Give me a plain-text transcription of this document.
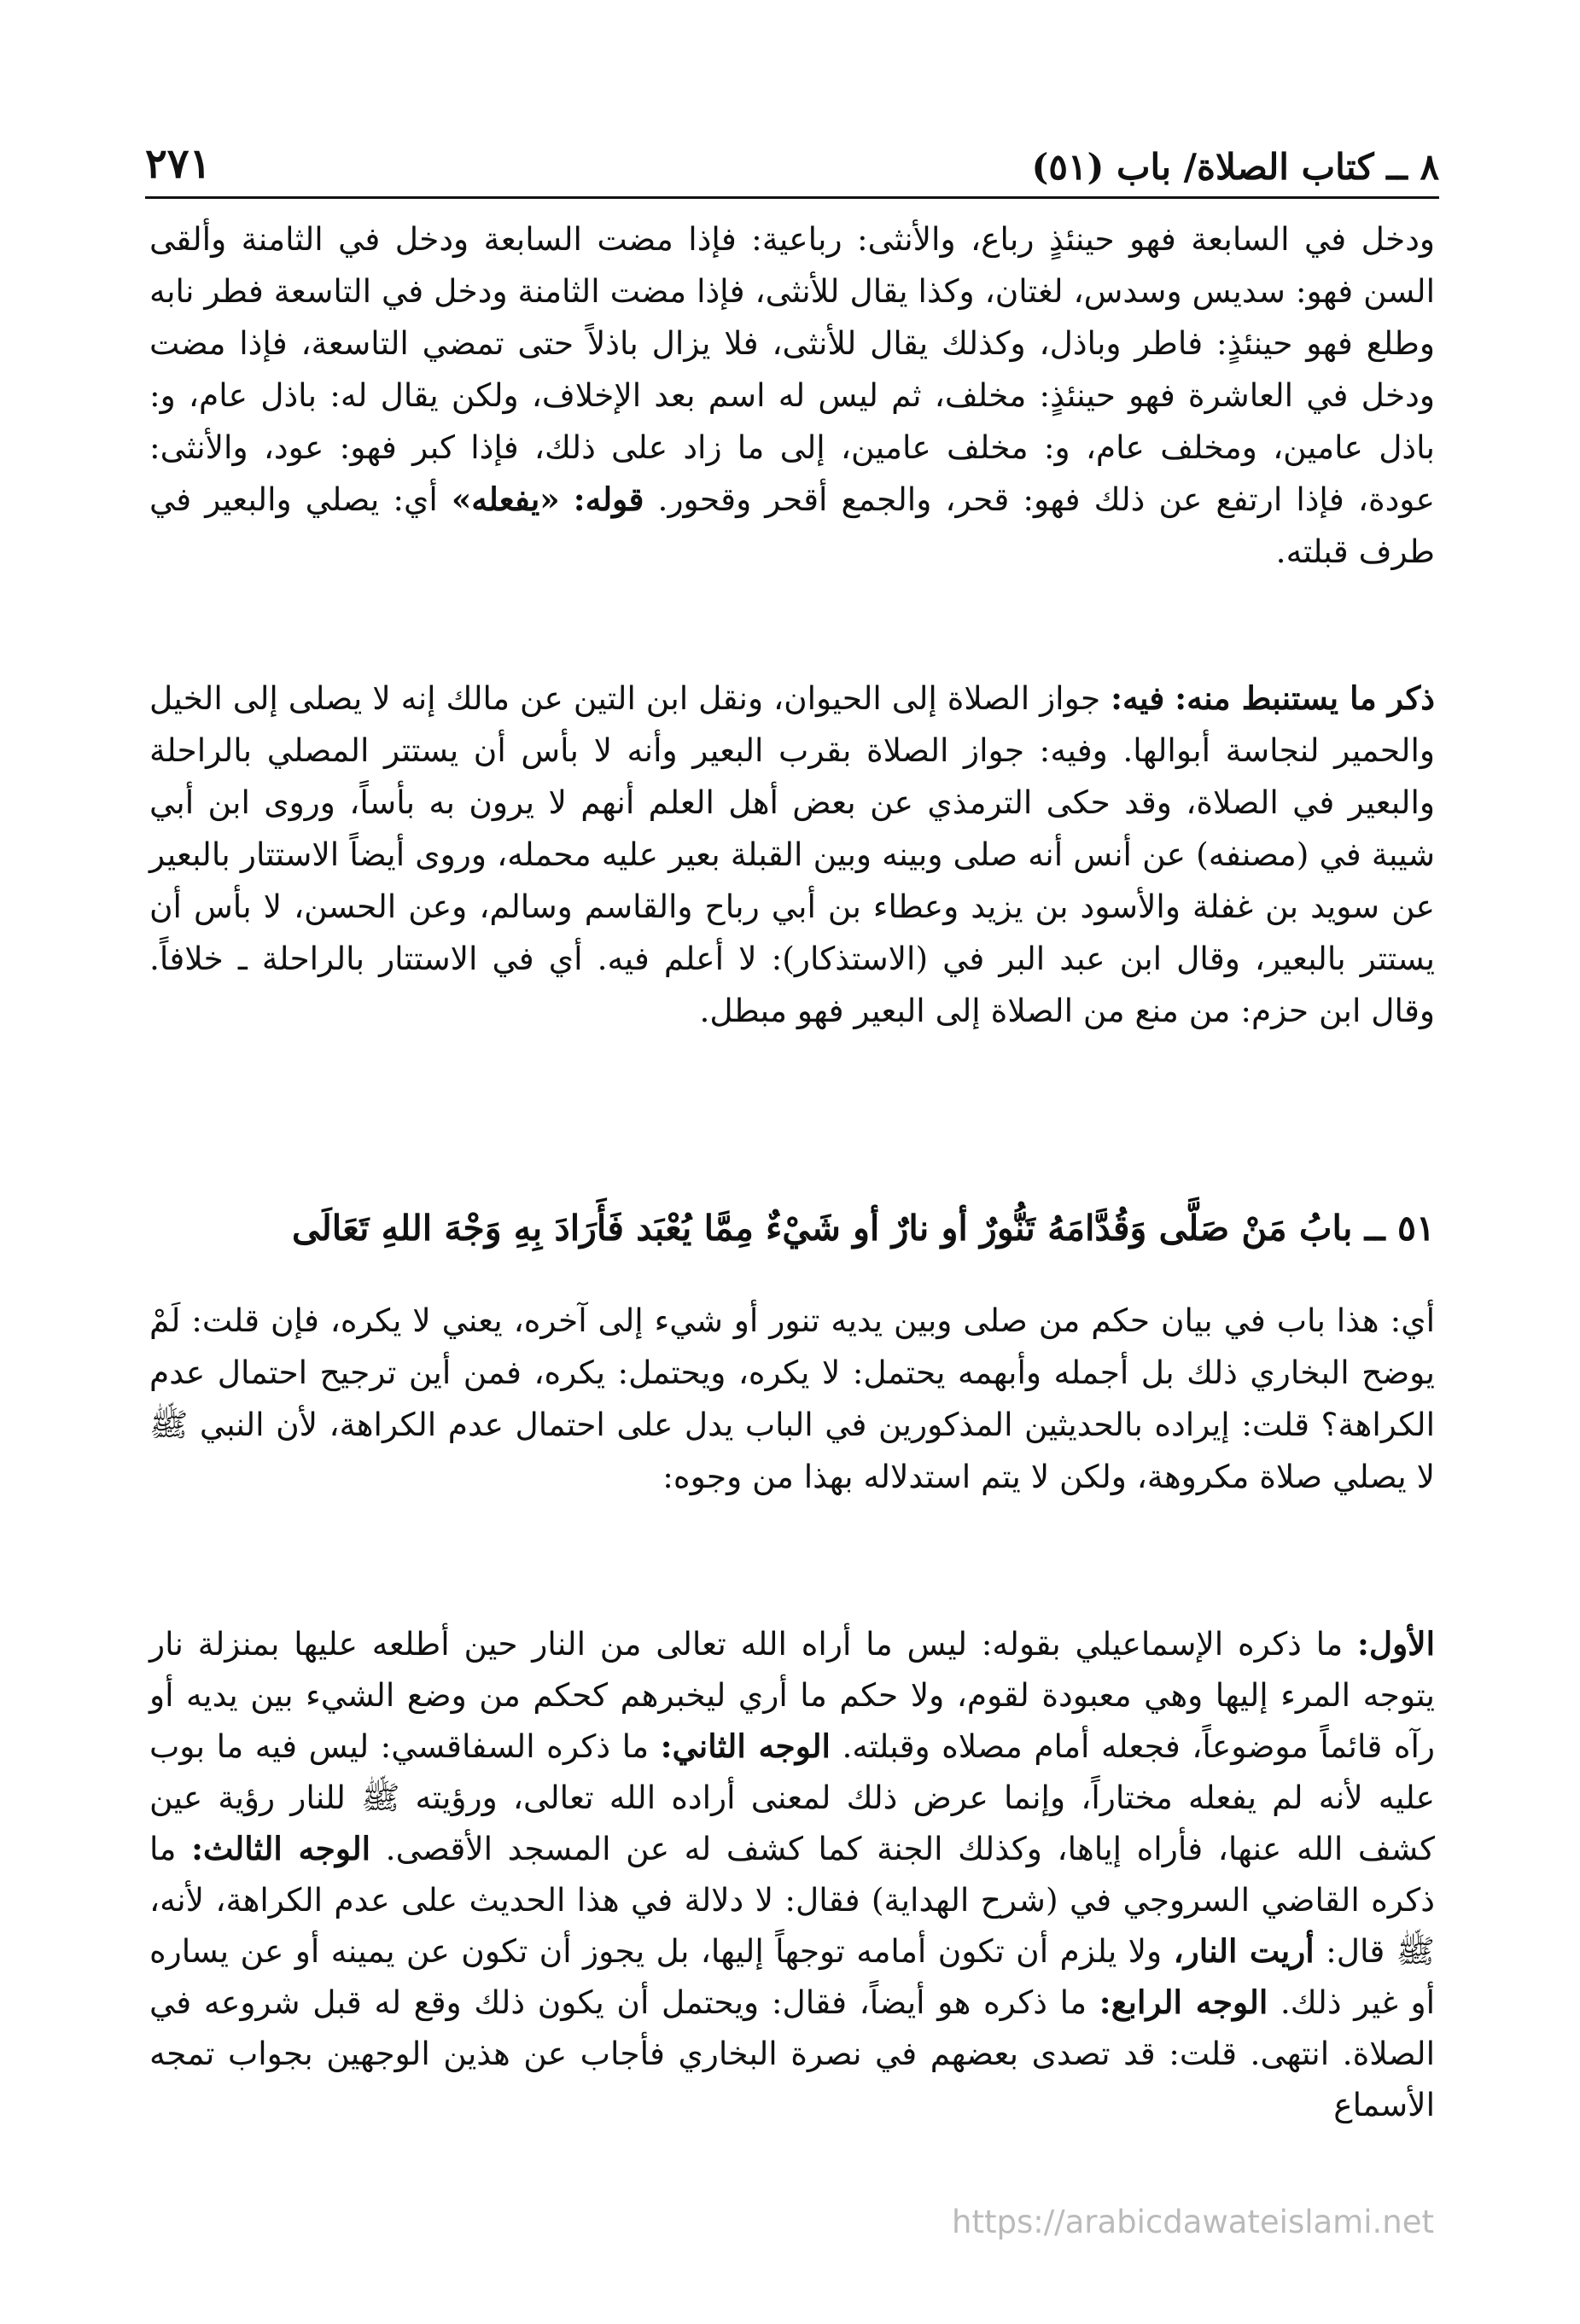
٨ ــ كتاب الصلاة/ باب (٥١)
٢٧١

ودخل في السابعة فهو حينئذٍ رباع، والأنثى: رباعية: فإذا مضت السابعة ودخل في الثامنة وألقى السن فهو: سديس وسدس، لغتان، وكذا يقال للأنثى، فإذا مضت الثامنة ودخل في التاسعة فطر نابه وطلع فهو حينئذٍ: فاطر وباذل، وكذلك يقال للأنثى، فلا يزال باذلاً حتى تمضي التاسعة، فإذا مضت ودخل في العاشرة فهو حينئذٍ: مخلف، ثم ليس له اسم بعد الإخلاف، ولكن يقال له: باذل عام، و: باذل عامين، ومخلف عام، و: مخلف عامين، إلى ما زاد على ذلك، فإذا كبر فهو: عود، والأنثى: عودة، فإذا ارتفع عن ذلك فهو: قحر، والجمع أقحر وقحور. قوله: «يفعله» أي: يصلي والبعير في طرف قبلته.

ذكر ما يستنبط منه: فيه: جواز الصلاة إلى الحيوان، ونقل ابن التين عن مالك إنه لا يصلى إلى الخيل والحمير لنجاسة أبوالها. وفيه: جواز الصلاة بقرب البعير وأنه لا بأس أن يستتر المصلي بالراحلة والبعير في الصلاة، وقد حكى الترمذي عن بعض أهل العلم أنهم لا يرون به بأساً، وروى ابن أبي شيبة في (مصنفه) عن أنس أنه صلى وبينه وبين القبلة بعير عليه محمله، وروى أيضاً الاستتار بالبعير عن سويد بن غفلة والأسود بن يزيد وعطاء بن أبي رباح والقاسم وسالم، وعن الحسن، لا بأس أن يستتر بالبعير، وقال ابن عبد البر في (الاستذكار): لا أعلم فيه. أي في الاستتار بالراحلة ـ خلافاً. وقال ابن حزم: من منع من الصلاة إلى البعير فهو مبطل.

٥١ ــ بابُ مَنْ صَلَّى وَقُدَّامَهُ تَنُّورٌ أو نارٌ أو شَيْءٌ مِمَّا يُعْبَد فَأَرَادَ بِهِ وَجْهَ اللهِ تَعَالَى

أي: هذا باب في بيان حكم من صلى وبين يديه تنور أو شيء إلى آخره، يعني لا يكره، فإن قلت: لَمْ يوضح البخاري ذلك بل أجمله وأبهمه يحتمل: لا يكره، ويحتمل: يكره، فمن أين ترجيح احتمال عدم الكراهة؟ قلت: إيراده بالحديثين المذكورين في الباب يدل على احتمال عدم الكراهة، لأن النبي ﷺ لا يصلي صلاة مكروهة، ولكن لا يتم استدلاله بهذا من وجوه:

الأول: ما ذكره الإسماعيلي بقوله: ليس ما أراه الله تعالى من النار حين أطلعه عليها بمنزلة نار يتوجه المرء إليها وهي معبودة لقوم، ولا حكم ما أري ليخبرهم كحكم من وضع الشيء بين يديه أو رآه قائماً موضوعاً، فجعله أمام مصلاه وقبلته. الوجه الثاني: ما ذكره السفاقسي: ليس فيه ما بوب عليه لأنه لم يفعله مختاراً، وإنما عرض ذلك لمعنى أراده الله تعالى، ورؤيته ﷺ للنار رؤية عين كشف الله عنها، فأراه إياها، وكذلك الجنة كما كشف له عن المسجد الأقصى. الوجه الثالث: ما ذكره القاضي السروجي في (شرح الهداية) فقال: لا دلالة في هذا الحديث على عدم الكراهة، لأنه، ﷺ قال: أريت النار، ولا يلزم أن تكون أمامه توجهاً إليها، بل يجوز أن تكون عن يمينه أو عن يساره أو غير ذلك. الوجه الرابع: ما ذكره هو أيضاً، فقال: ويحتمل أن يكون ذلك وقع له قبل شروعه في الصلاة. انتهى. قلت: قد تصدى بعضهم في نصرة البخاري فأجاب عن هذين الوجهين بجواب تمجه الأسماع

https://arabicdawateislami.net
